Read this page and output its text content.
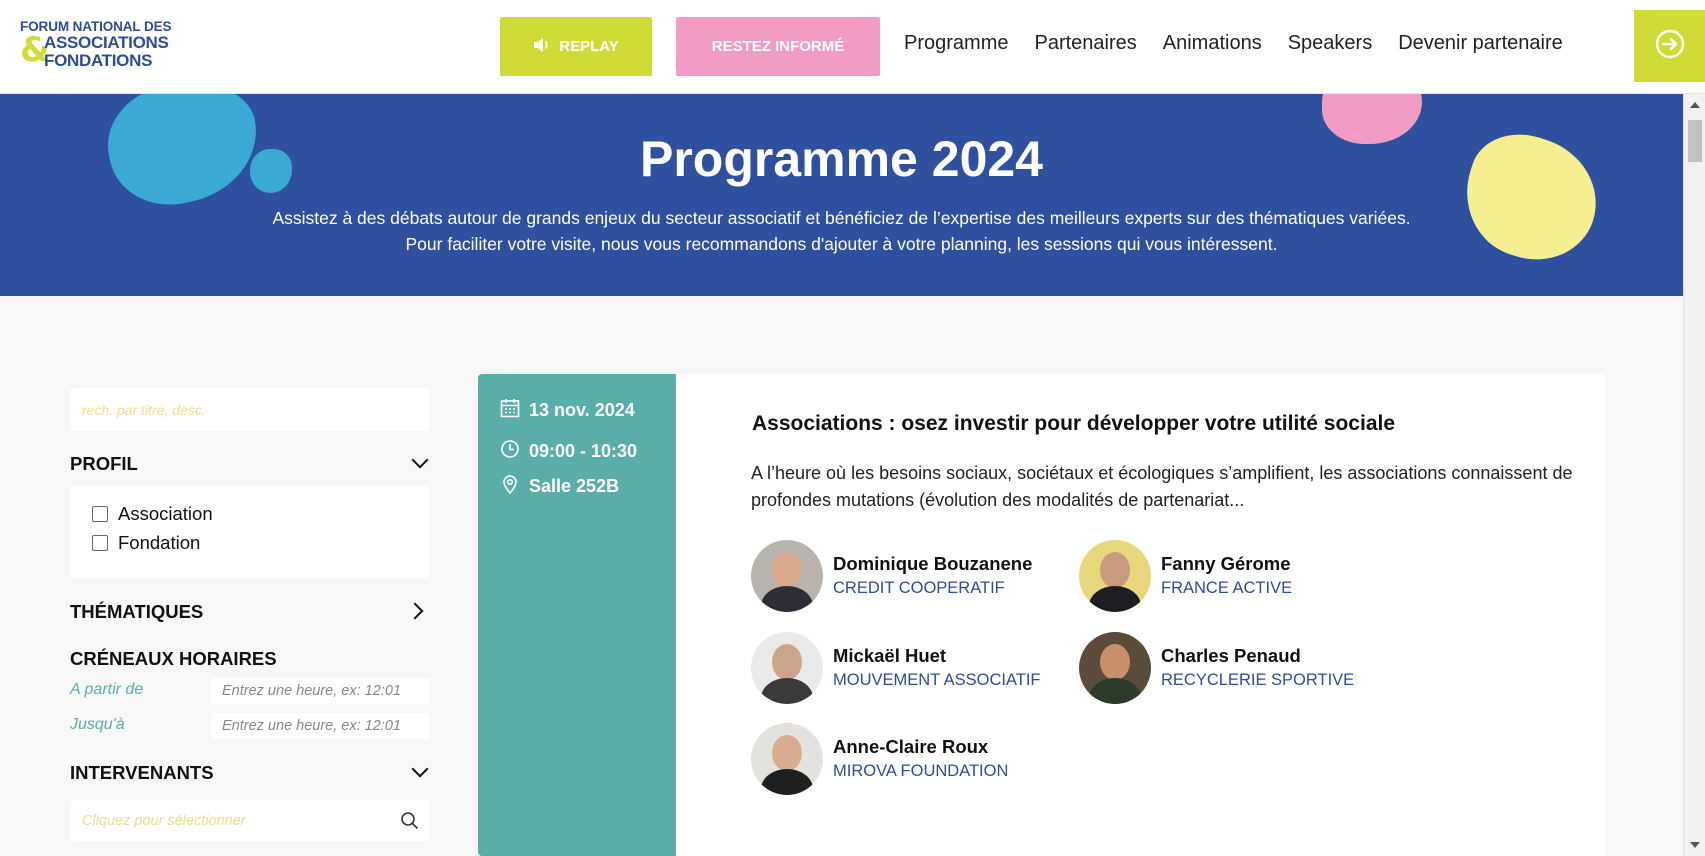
&
FORUM NATIONAL DES
ASSOCIATIONS
FONDATIONS
REPLAY	RESTEZ INFORMÉ	Programme Partenaires Animations Speakers Devenir partenaire
Programme 2024

Assistez à des débats autour de grands enjeux du secteur associatif et bénéficiez de l’expertise des meilleurs experts sur des thématiques variées.

Pour faciliter votre visite, nous vous recommandons d'ajouter à votre planning, les sessions qui vous intéressent.

rech. par titre, desc.
PROFIL
Association
Fondation
THÉMATIQUES
CRÉNEAUX HORAIRES
A partir de	Entrez une heure, ex: 12:01
Jusqu'à	Entrez une heure, ex: 12:01
INTERVENANTS
Cliquez pour sélectionner
13 nov. 2024
09:00 - 10:30
Salle 252B
Associations : osez investir pour développer votre utilité sociale
A l’heure où les besoins sociaux, sociétaux et écologiques s’amplifient, les associations connaissent de profondes mutations (évolution des modalités de partenariat...
Dominique Bouzanene
CREDIT COOPERATIF
Fanny Gérome
FRANCE ACTIVE
Mickaël Huet
MOUVEMENT ASSOCIATIF
Charles Penaud
RECYCLERIE SPORTIVE
Anne-Claire Roux
MIROVA FOUNDATION
